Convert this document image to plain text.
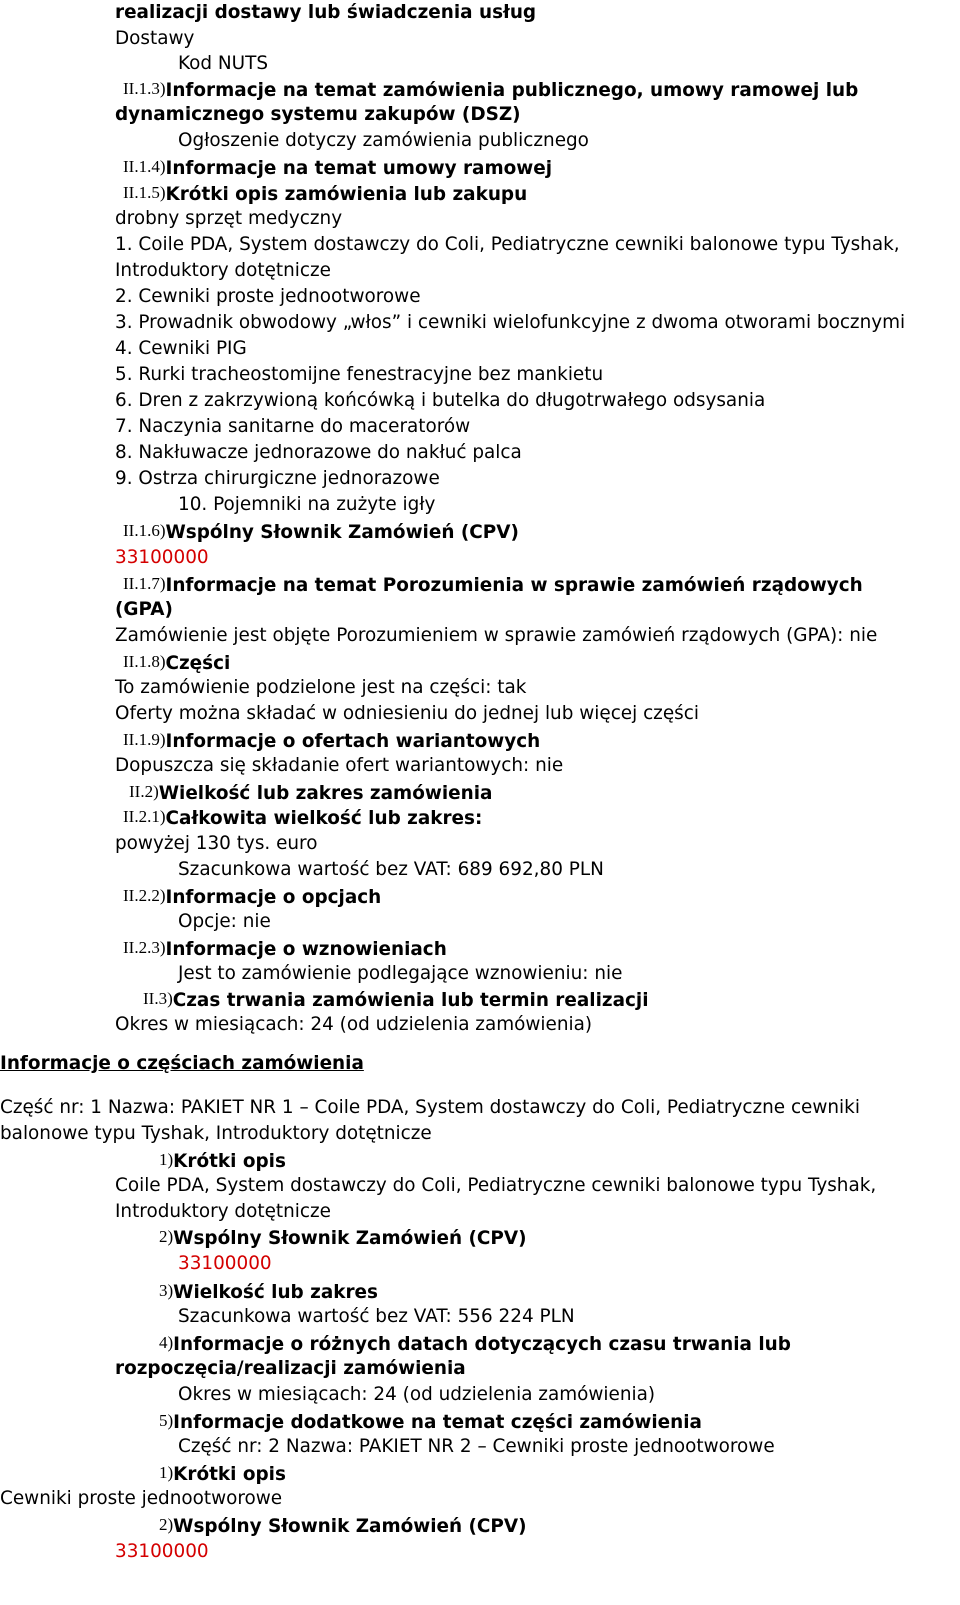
realizacji dostawy lub świadczenia usług
Dostawy
Kod NUTS
II.1.3)Informacje na temat zamówienia publicznego, umowy ramowej lub
dynamicznego systemu zakupów (DSZ)
Ogłoszenie dotyczy zamówienia publicznego
II.1.4)Informacje na temat umowy ramowej
II.1.5)Krótki opis zamówienia lub zakupu
drobny sprzęt medyczny
1. Coile PDA, System dostawczy do Coli, Pediatryczne cewniki balonowe typu Tyshak,
Introduktory dotętnicze
2. Cewniki proste jednootworowe
3. Prowadnik obwodowy „włos” i cewniki wielofunkcyjne z dwoma otworami bocznymi
4. Cewniki PIG
5. Rurki tracheostomijne fenestracyjne bez mankietu
6. Dren z zakrzywioną końcówką i butelka do długotrwałego odsysania
7. Naczynia sanitarne do maceratorów
8. Nakłuwacze jednorazowe do nakłuć palca
9. Ostrza chirurgiczne jednorazowe
10. Pojemniki na zużyte igły
II.1.6)Wspólny Słownik Zamówień (CPV)
33100000
II.1.7)Informacje na temat Porozumienia w sprawie zamówień rządowych
(GPA)
Zamówienie jest objęte Porozumieniem w sprawie zamówień rządowych (GPA): nie
II.1.8)Części
To zamówienie podzielone jest na części: tak
Oferty można składać w odniesieniu do jednej lub więcej części
II.1.9)Informacje o ofertach wariantowych
Dopuszcza się składanie ofert wariantowych: nie
II.2)Wielkość lub zakres zamówienia
II.2.1)Całkowita wielkość lub zakres:
powyżej 130 tys. euro
Szacunkowa wartość bez VAT: 689 692,80 PLN
II.2.2)Informacje o opcjach
Opcje: nie
II.2.3)Informacje o wznowieniach
Jest to zamówienie podlegające wznowieniu: nie
II.3)Czas trwania zamówienia lub termin realizacji
Okres w miesiącach: 24 (od udzielenia zamówienia)
Informacje o częściach zamówienia
Część nr: 1 Nazwa: PAKIET NR 1 – Coile PDA, System dostawczy do Coli, Pediatryczne cewniki
balonowe typu Tyshak, Introduktory dotętnicze
1)Krótki opis
Coile PDA, System dostawczy do Coli, Pediatryczne cewniki balonowe typu Tyshak,
Introduktory dotętnicze
2)Wspólny Słownik Zamówień (CPV)
33100000
3)Wielkość lub zakres
Szacunkowa wartość bez VAT: 556 224 PLN
4)Informacje o różnych datach dotyczących czasu trwania lub
rozpoczęcia/realizacji zamówienia
Okres w miesiącach: 24 (od udzielenia zamówienia)
5)Informacje dodatkowe na temat części zamówienia
Część nr: 2 Nazwa: PAKIET NR 2 – Cewniki proste jednootworowe
1)Krótki opis
Cewniki proste jednootworowe
2)Wspólny Słownik Zamówień (CPV)
33100000
